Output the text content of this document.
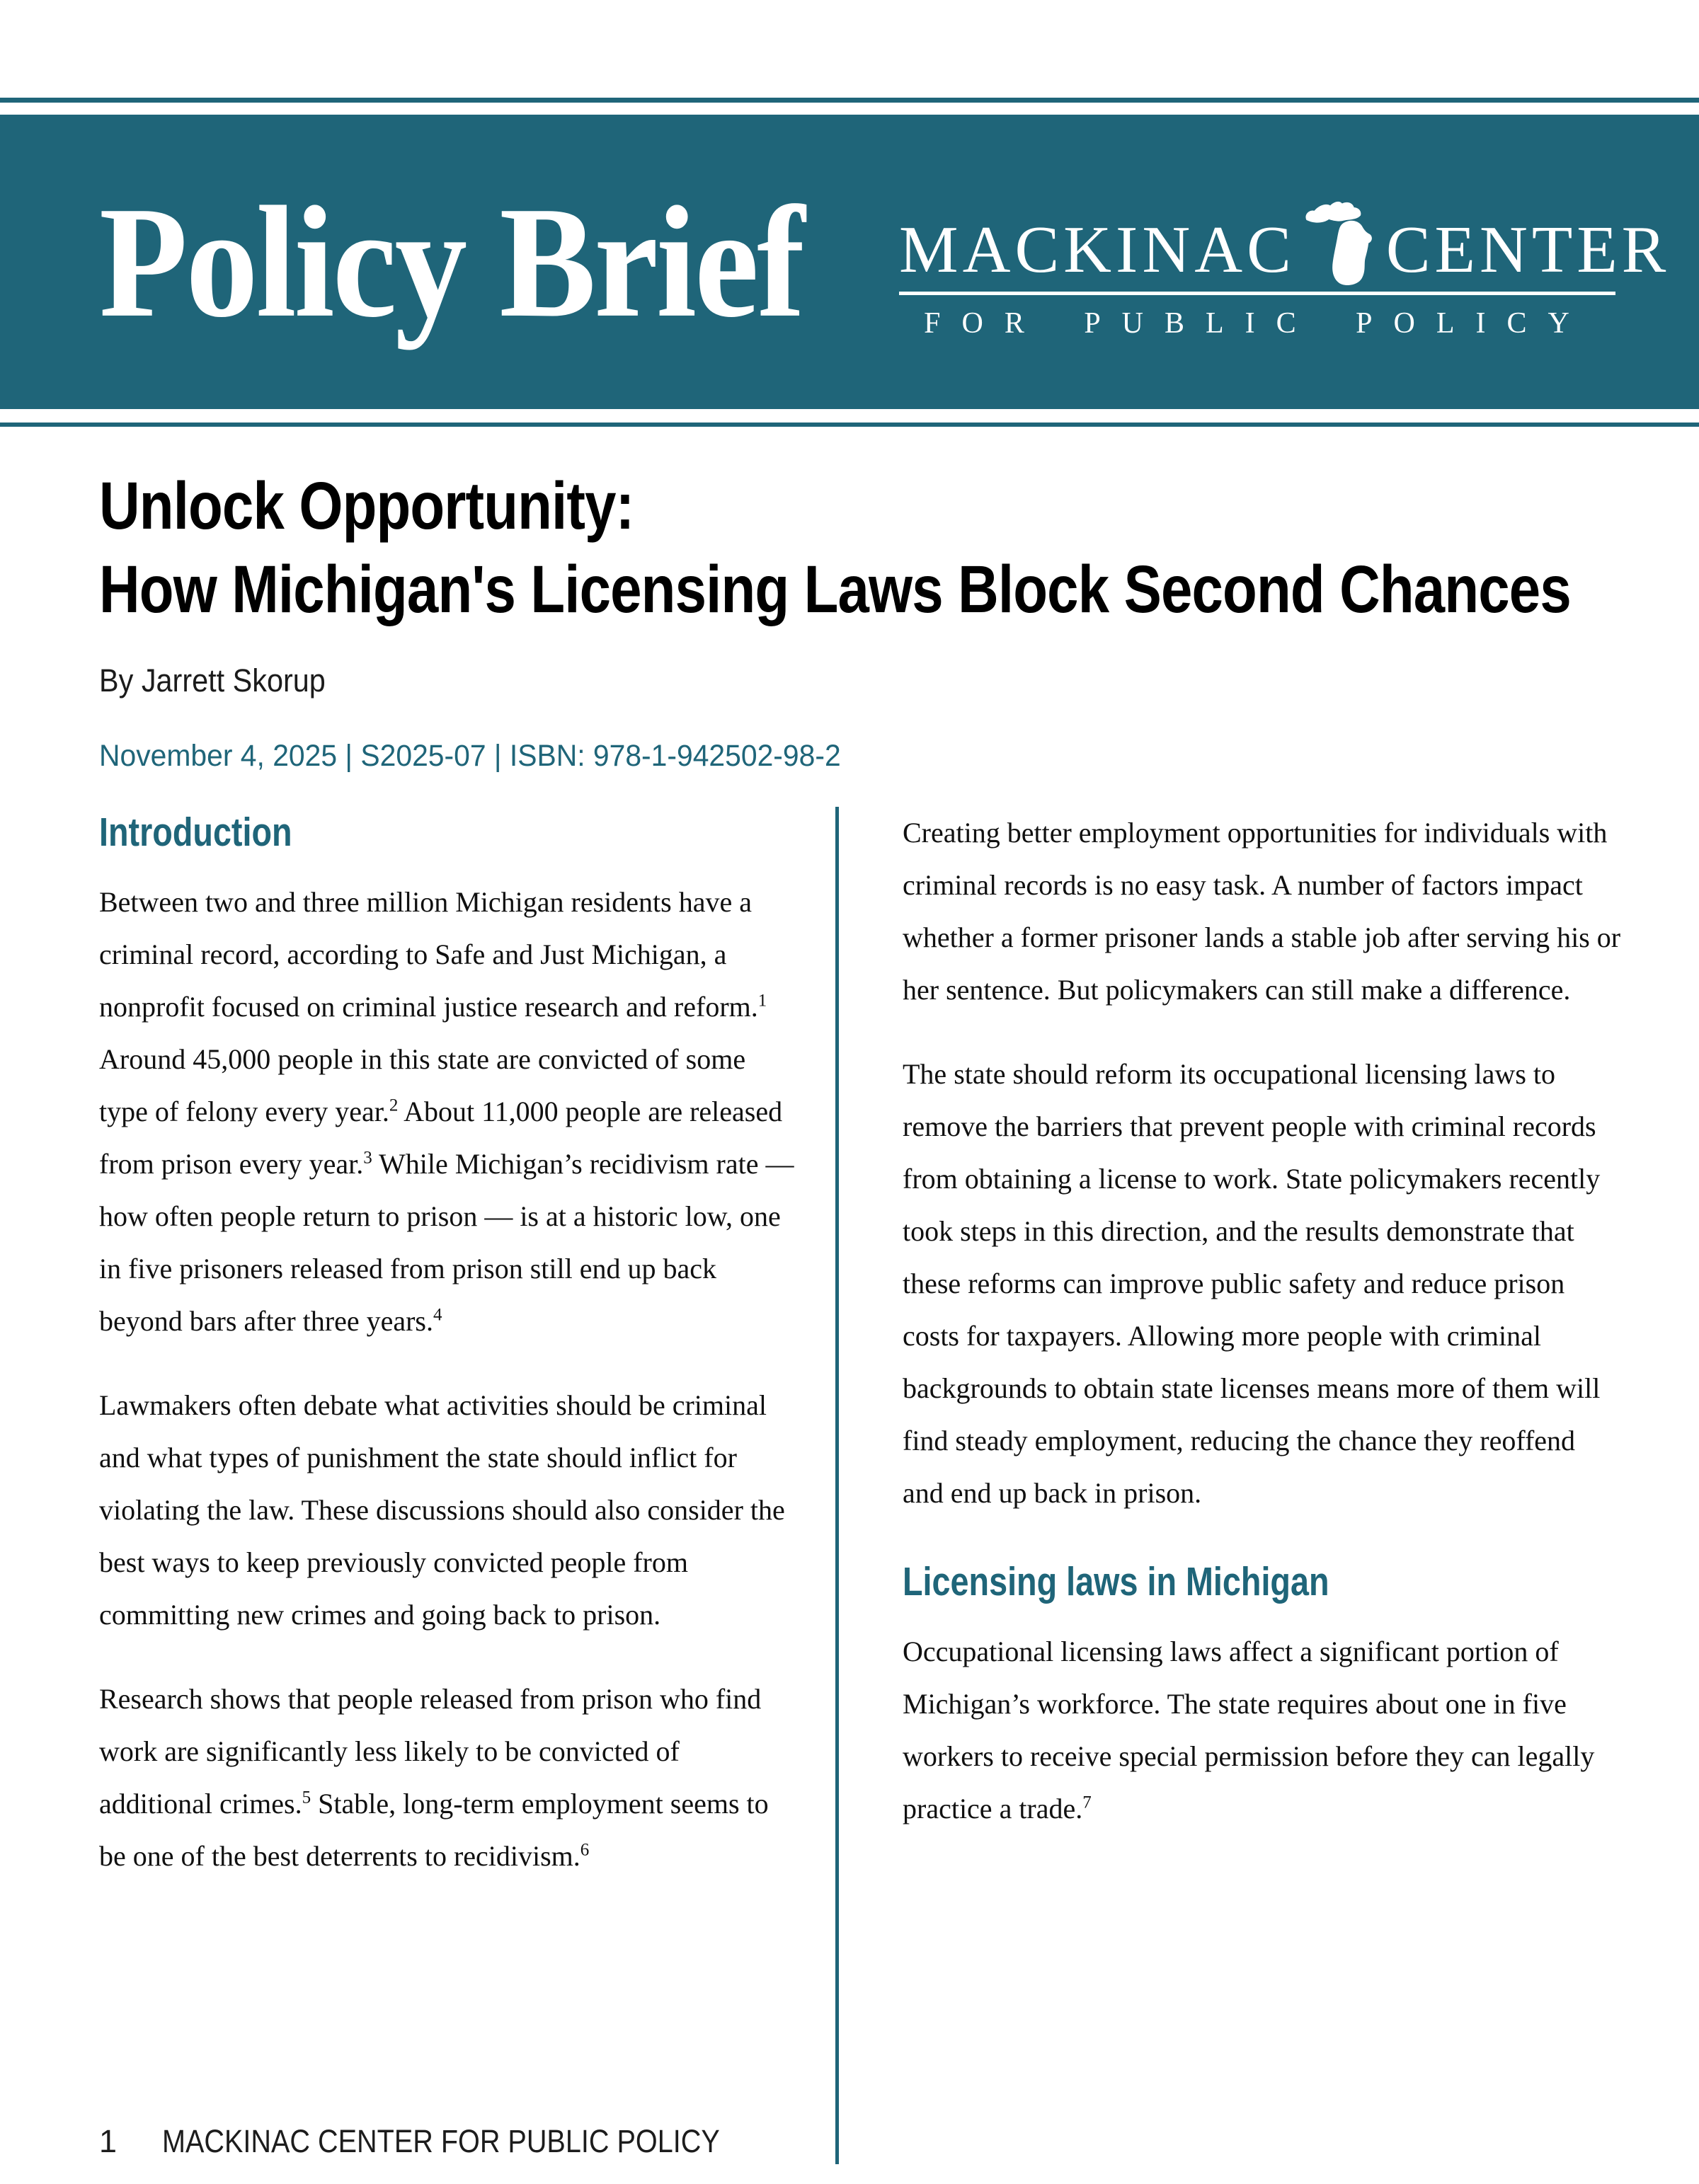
Policy Brief MACKINAC CENTER
FOR PUBLIC POLICY
Unlock Opportunity:
How Michigan's Licensing Laws Block Second Chances
By Jarrett Skorup
November 4, 2025 | S2025-07 | ISBN: 978-1-942502-98-2
Introduction

Between two and three million Michigan residents have a criminal record, according to Safe and Just Michigan, a nonprofit focused on criminal justice research and reform.$^1$ Around 45,000 people in this state are convicted of some type of felony every year.$^2$ About 11,000 people are released from prison every year.$^3$ While Michigan’s recidivism rate — how often people return to prison — is at a historic low, one in five prisoners released from prison still end up back beyond bars after three years.$^4$

Lawmakers often debate what activities should be criminal and what types of punishment the state should inflict for violating the law. These discussions should also consider the best ways to keep previously convicted people from committing new crimes and going back to prison.

Research shows that people released from prison who find work are significantly less likely to be convicted of additional crimes.$^5$ Stable, long-term employment seems to be one of the best deterrents to recidivism.$^6$

Creating better employment opportunities for individuals with criminal records is no easy task. A number of factors impact whether a former prisoner lands a stable job after serving his or her sentence. But policymakers can still make a difference.

The state should reform its occupational licensing laws to remove the barriers that prevent people with criminal records from obtaining a license to work. State policymakers recently took steps in this direction, and the results demonstrate that these reforms can improve public safety and reduce prison costs for taxpayers. Allowing more people with criminal backgrounds to obtain state licenses means more of them will find steady employment, reducing the chance they reoffend and end up back in prison.

Licensing laws in Michigan

Occupational licensing laws affect a significant portion of Michigan’s workforce. The state requires about one in five workers to receive special permission before they can legally practice a trade.$^7$

1 MACKINAC CENTER FOR PUBLIC POLICY
